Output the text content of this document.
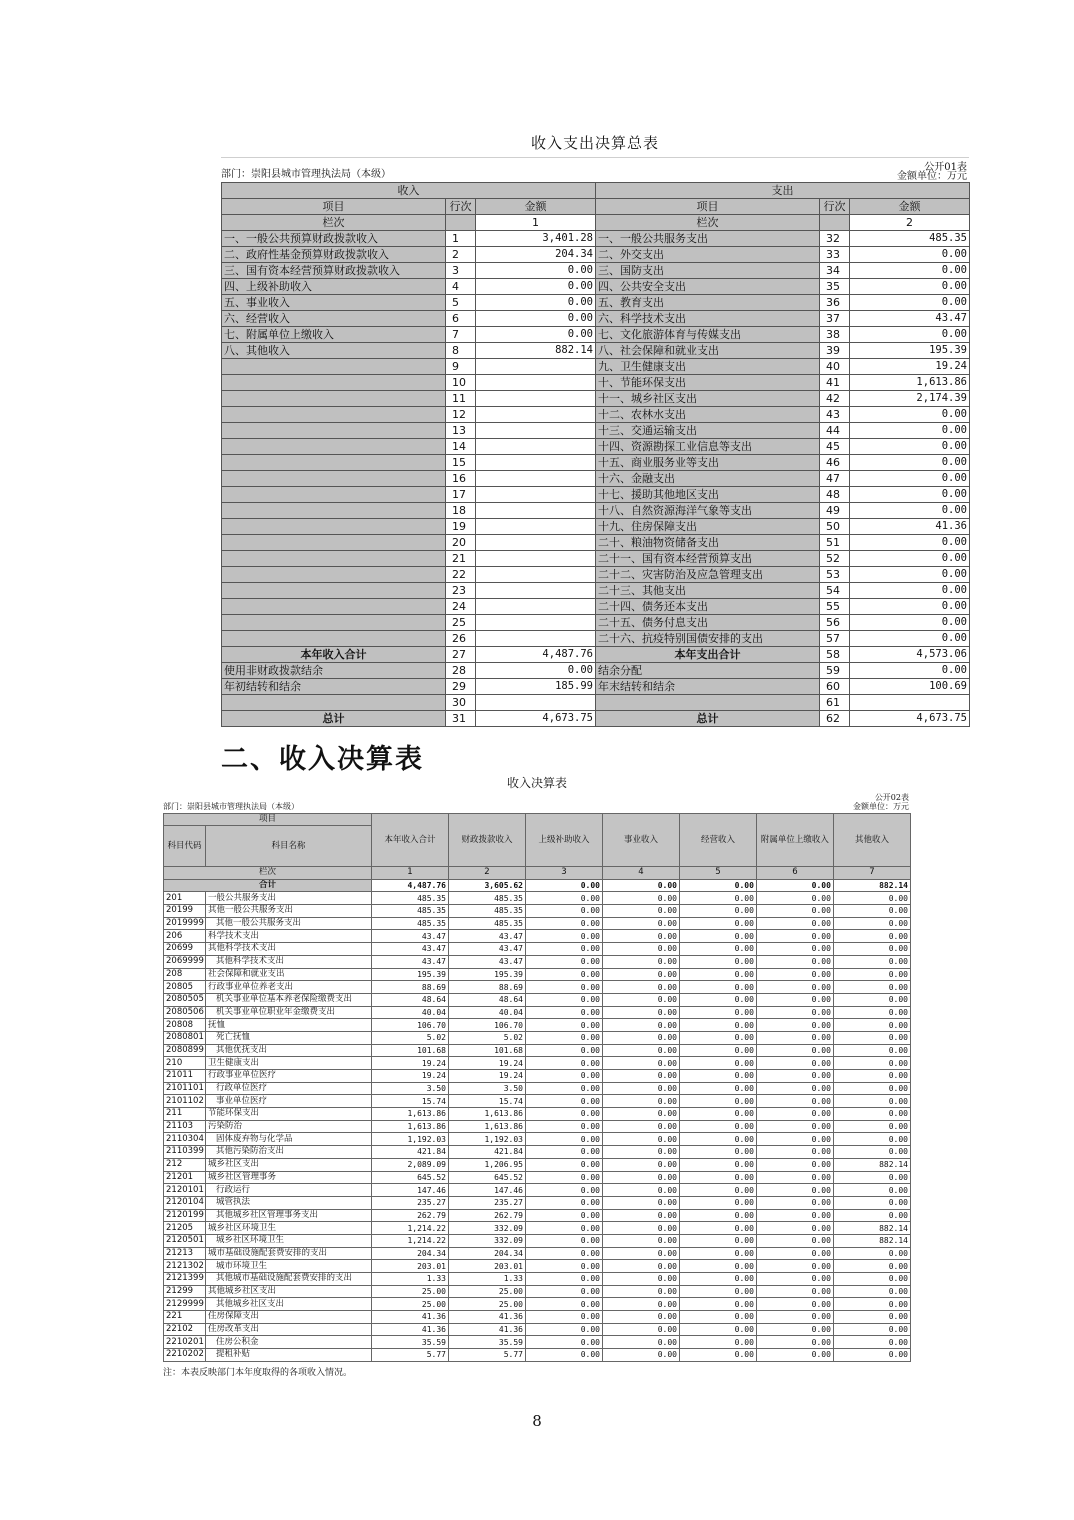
收入支出决算总表
公开01表
部门：崇阳县城市管理执法局（本级）	金额单位：万元
收入			支出		
项目	行次	金额	项目	行次	金额
栏次		1	栏次		2
一、一般公共预算财政拨款收入	1	3,401.28	一、一般公共服务支出	32	485.35
二、政府性基金预算财政拨款收入	2	204.34	二、外交支出	33	0.00
三、国有资本经营预算财政拨款收入	3	0.00	三、国防支出	34	0.00
四、上级补助收入	4	0.00	四、公共安全支出	35	0.00
五、事业收入	5	0.00	五、教育支出	36	0.00
六、经营收入	6	0.00	六、科学技术支出	37	43.47
七、附属单位上缴收入	7	0.00	七、文化旅游体育与传媒支出	38	0.00
八、其他收入	8	882.14	八、社会保障和就业支出	39	195.39
	9		九、卫生健康支出	40	19.24
	10		十、节能环保支出	41	1,613.86
	11		十一、城乡社区支出	42	2,174.39
	12		十二、农林水支出	43	0.00
	13		十三、交通运输支出	44	0.00
	14		十四、资源勘探工业信息等支出	45	0.00
	15		十五、商业服务业等支出	46	0.00
	16		十六、金融支出	47	0.00
	17		十七、援助其他地区支出	48	0.00
	18		十八、自然资源海洋气象等支出	49	0.00
	19		十九、住房保障支出	50	41.36
	20		二十、粮油物资储备支出	51	0.00
	21		二十一、国有资本经营预算支出	52	0.00
	22		二十二、灾害防治及应急管理支出	53	0.00
	23		二十三、其他支出	54	0.00
	24		二十四、债务还本支出	55	0.00
	25		二十五、债务付息支出	56	0.00
	26		二十六、抗疫特别国债安排的支出	57	0.00
本年收入合计	27	4,487.76	本年支出合计	58	4,573.06
使用非财政拨款结余	28	0.00	结余分配	59	0.00
年初结转和结余	29	185.99	年末结转和结余	60	100.69
	30			61	
总计	31	4,673.75	总计	62	4,673.75
二、收入决算表
收入决算表
公开02表
部门：崇阳县城市管理执法局（本级）	金额单位：万元
项目		本年收入合计	财政拨款收入	上级补助收入	事业收入	经营收入	附属单位上缴收入	其他收入
科目代码	科目名称							
栏次		1	2	3	4	5	6	7
合计		4,487.76	3,605.62	0.00	0.00	0.00	0.00	882.14
201	一般公共服务支出	485.35	485.35	0.00	0.00	0.00	0.00	0.00
20199	其他一般公共服务支出	485.35	485.35	0.00	0.00	0.00	0.00	0.00
2019999	其他一般公共服务支出	485.35	485.35	0.00	0.00	0.00	0.00	0.00
206	科学技术支出	43.47	43.47	0.00	0.00	0.00	0.00	0.00
20699	其他科学技术支出	43.47	43.47	0.00	0.00	0.00	0.00	0.00
2069999	其他科学技术支出	43.47	43.47	0.00	0.00	0.00	0.00	0.00
208	社会保障和就业支出	195.39	195.39	0.00	0.00	0.00	0.00	0.00
20805	行政事业单位养老支出	88.69	88.69	0.00	0.00	0.00	0.00	0.00
2080505	机关事业单位基本养老保险缴费支出	48.64	48.64	0.00	0.00	0.00	0.00	0.00
2080506	机关事业单位职业年金缴费支出	40.04	40.04	0.00	0.00	0.00	0.00	0.00
20808	抚恤	106.70	106.70	0.00	0.00	0.00	0.00	0.00
2080801	死亡抚恤	5.02	5.02	0.00	0.00	0.00	0.00	0.00
2080899	其他优抚支出	101.68	101.68	0.00	0.00	0.00	0.00	0.00
210	卫生健康支出	19.24	19.24	0.00	0.00	0.00	0.00	0.00
21011	行政事业单位医疗	19.24	19.24	0.00	0.00	0.00	0.00	0.00
2101101	行政单位医疗	3.50	3.50	0.00	0.00	0.00	0.00	0.00
2101102	事业单位医疗	15.74	15.74	0.00	0.00	0.00	0.00	0.00
211	节能环保支出	1,613.86	1,613.86	0.00	0.00	0.00	0.00	0.00
21103	污染防治	1,613.86	1,613.86	0.00	0.00	0.00	0.00	0.00
2110304	固体废弃物与化学品	1,192.03	1,192.03	0.00	0.00	0.00	0.00	0.00
2110399	其他污染防治支出	421.84	421.84	0.00	0.00	0.00	0.00	0.00
212	城乡社区支出	2,089.09	1,206.95	0.00	0.00	0.00	0.00	882.14
21201	城乡社区管理事务	645.52	645.52	0.00	0.00	0.00	0.00	0.00
2120101	行政运行	147.46	147.46	0.00	0.00	0.00	0.00	0.00
2120104	城管执法	235.27	235.27	0.00	0.00	0.00	0.00	0.00
2120199	其他城乡社区管理事务支出	262.79	262.79	0.00	0.00	0.00	0.00	0.00
21205	城乡社区环境卫生	1,214.22	332.09	0.00	0.00	0.00	0.00	882.14
2120501	城乡社区环境卫生	1,214.22	332.09	0.00	0.00	0.00	0.00	882.14
21213	城市基础设施配套费安排的支出	204.34	204.34	0.00	0.00	0.00	0.00	0.00
2121302	城市环境卫生	203.01	203.01	0.00	0.00	0.00	0.00	0.00
2121399	其他城市基础设施配套费安排的支出	1.33	1.33	0.00	0.00	0.00	0.00	0.00
21299	其他城乡社区支出	25.00	25.00	0.00	0.00	0.00	0.00	0.00
2129999	其他城乡社区支出	25.00	25.00	0.00	0.00	0.00	0.00	0.00
221	住房保障支出	41.36	41.36	0.00	0.00	0.00	0.00	0.00
22102	住房改革支出	41.36	41.36	0.00	0.00	0.00	0.00	0.00
2210201	住房公积金	35.59	35.59	0.00	0.00	0.00	0.00	0.00
2210202	提租补贴	5.77	5.77	0.00	0.00	0.00	0.00	0.00
注：本表反映部门本年度取得的各项收入情况。
8
